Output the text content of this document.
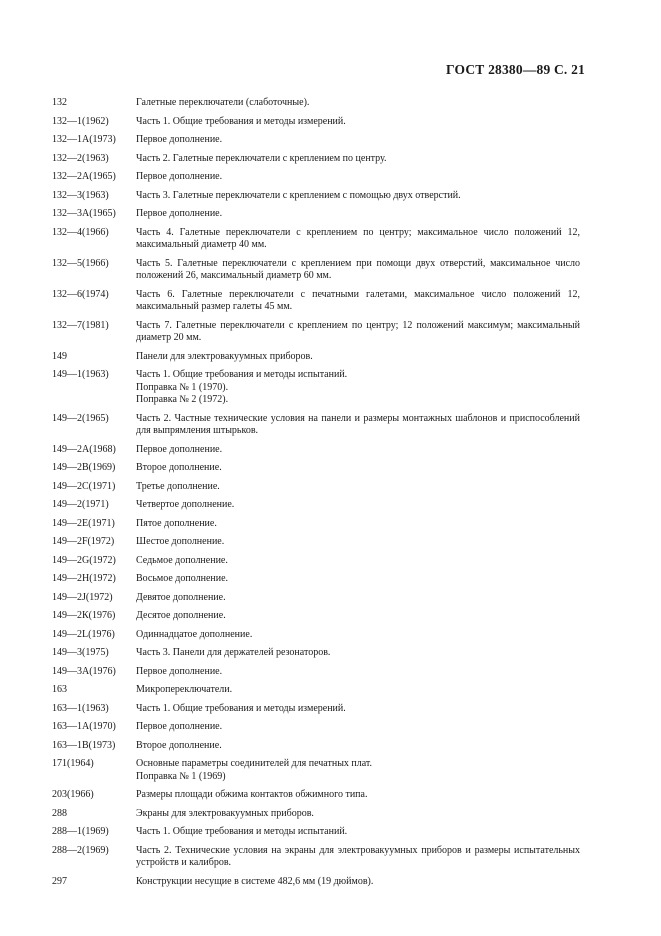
ГОСТ 28380—89 С. 21
132	Галетные переключатели (слаботочные).
132—1(1962)	Часть 1. Общие требования и методы измерений.
132—1А(1973)	Первое дополнение.
132—2(1963)	Часть 2. Галетные переключатели с креплением по центру.
132—2А(1965)	Первое дополнение.
132—3(1963)	Часть 3. Галетные переключатели с креплением с помощью двух отверстий.
132—3А(1965)	Первое дополнение.
132—4(1966)	Часть 4. Галетные переключатели с креплением по центру; максимальное число положений 12, максимальный диаметр 40 мм.
132—5(1966)	Часть 5. Галетные переключатели с креплением при помощи двух отверстий, максимальное число положений 26, максимальный диаметр 60 мм.
132—6(1974)	Часть 6. Галетные переключатели с печатными галетами, максимальное число положений 12, максимальный размер галеты 45 мм.
132—7(1981)	Часть 7. Галетные переключатели с креплением по центру; 12 положений максимум; максимальный диаметр 20 мм.
149	Панели для электровакуумных приборов.
149—1(1963)	Часть 1. Общие требования и методы испытаний.
Поправка № 1 (1970).
Поправка № 2 (1972).
149—2(1965)	Часть 2. Частные технические условия на панели и размеры монтажных шаблонов и приспособлений для выпрямления штырьков.
149—2А(1968)	Первое дополнение.
149—2В(1969)	Второе дополнение.
149—2С(1971)	Третье дополнение.
149—2(1971)	Четвертое дополнение.
149—2Е(1971)	Пятое дополнение.
149—2F(1972)	Шестое дополнение.
149—2G(1972)	Седьмое дополнение.
149—2Н(1972)	Восьмое дополнение.
149—2J(1972)	Девятое дополнение.
149—2К(1976)	Десятое дополнение.
149—2L(1976)	Одиннадцатое дополнение.
149—3(1975)	Часть 3. Панели для держателей резонаторов.
149—3А(1976)	Первое дополнение.
163	Микропереключатели.
163—1(1963)	Часть 1. Общие требования и методы измерений.
163—1А(1970)	Первое дополнение.
163—1В(1973)	Второе дополнение.
171(1964)	Основные параметры соединителей для печатных плат.
Поправка № 1 (1969)
203(1966)	Размеры площади обжима контактов обжимного типа.
288	Экраны для электровакуумных приборов.
288—1(1969)	Часть 1. Общие требования и методы испытаний.
288—2(1969)	Часть 2. Технические условия на экраны для электровакуумных приборов и размеры испытательных устройств и калибров.
297	Конструкции несущие в системе 482,6 мм (19 дюймов).
